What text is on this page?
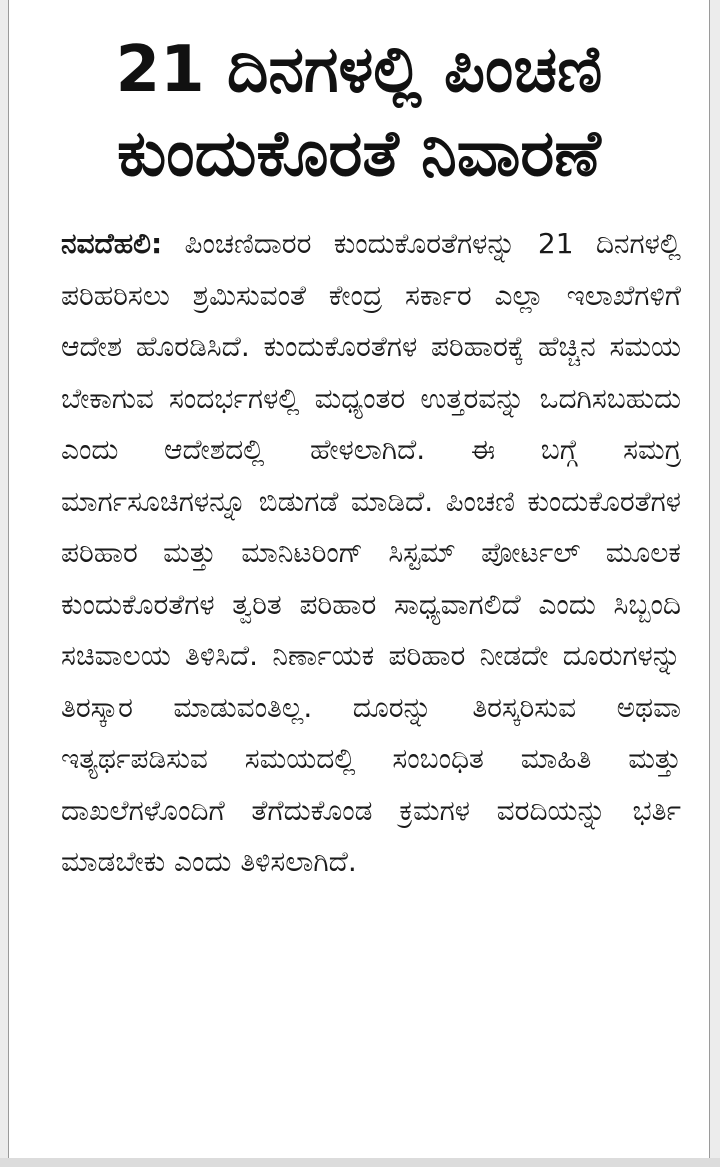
21 ದಿನಗಳಲ್ಲಿ ಪಿಂಚಣಿ
ಕುಂದುಕೊರತೆ ನಿವಾರಣೆ

ನವದೆಹಲಿ: ಪಿಂಚಣಿದಾರರ ಕುಂದುಕೊರತೆಗಳನ್ನು 21 ದಿನಗಳಲ್ಲಿ ಪರಿಹರಿಸಲು ಶ್ರಮಿಸುವಂತೆ ಕೇಂದ್ರ ಸರ್ಕಾರ ಎಲ್ಲಾ ಇಲಾಖೆಗಳಿಗೆ ಆದೇಶ ಹೊರಡಿಸಿದೆ. ಕುಂದುಕೊರತೆಗಳ ಪರಿಹಾರಕ್ಕೆ ಹೆಚ್ಚಿನ ಸಮಯ ಬೇಕಾಗುವ ಸಂದರ್ಭಗಳಲ್ಲಿ ಮಧ್ಯಂತರ ಉತ್ತರವನ್ನು ಒದಗಿಸಬಹುದು ಎಂದು ಆದೇಶದಲ್ಲಿ ಹೇಳಲಾಗಿದೆ. ಈ ಬಗ್ಗೆ ಸಮಗ್ರ ಮಾರ್ಗಸೂಚಿಗಳನ್ನೂ ಬಿಡುಗಡೆ ಮಾಡಿದೆ. ಪಿಂಚಣಿ ಕುಂದುಕೊರತೆಗಳ ಪರಿಹಾರ ಮತ್ತು ಮಾನಿಟರಿಂಗ್ ಸಿಸ್ಟಮ್ ಪೋರ್ಟಲ್ ಮೂಲಕ ಕುಂದುಕೊರತೆಗಳ ತ್ವರಿತ ಪರಿಹಾರ ಸಾಧ್ಯವಾಗಲಿದೆ ಎಂದು ಸಿಬ್ಬಂದಿ ಸಚಿವಾಲಯ ತಿಳಿಸಿದೆ. ನಿರ್ಣಾಯಕ ಪರಿಹಾರ ನೀಡದೇ ದೂರುಗಳನ್ನು ತಿರಸ್ಕಾರ ಮಾಡುವಂತಿಲ್ಲ. ದೂರನ್ನು ತಿರಸ್ಕರಿಸುವ ಅಥವಾ ಇತ್ಯರ್ಥಪಡಿಸುವ ಸಮಯದಲ್ಲಿ ಸಂಬಂಧಿತ ಮಾಹಿತಿ ಮತ್ತು ದಾಖಲೆಗಳೊಂದಿಗೆ ತೆಗೆದುಕೊಂಡ ಕ್ರಮಗಳ ವರದಿಯನ್ನು ಭರ್ತಿ ಮಾಡಬೇಕು ಎಂದು ತಿಳಿಸಲಾಗಿದೆ.
